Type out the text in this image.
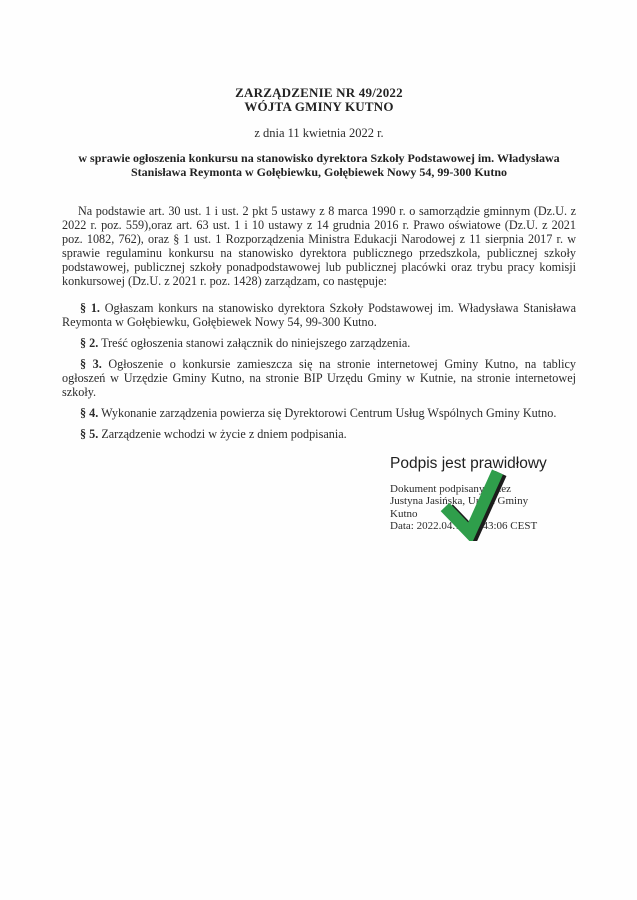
ZARZĄDZENIE NR 49/2022
WÓJTA GMINY KUTNO
z dnia 11 kwietnia 2022 r.
w sprawie ogłoszenia konkursu na stanowisko dyrektora Szkoły Podstawowej im. Władysława Stanisława Reymonta w Gołębiewku, Gołębiewek Nowy 54, 99-300 Kutno

Na podstawie art. 30 ust. 1 i ust. 2 pkt 5 ustawy z 8 marca 1990 r. o samorządzie gminnym (Dz.U. z 2022 r. poz. 559),oraz art. 63 ust. 1 i 10 ustawy z 14 grudnia 2016 r. Prawo oświatowe (Dz.U. z 2021 poz. 1082, 762), oraz § 1 ust. 1 Rozporządzenia Ministra Edukacji Narodowej z 11 sierpnia 2017 r. w sprawie regulaminu konkursu na stanowisko dyrektora publicznego przedszkola, publicznej szkoły podstawowej, publicznej szkoły ponadpodstawowej lub publicznej placówki oraz trybu pracy komisji konkursowej (Dz.U. z 2021 r. poz. 1428) zarządzam, co następuje:

§ 1. Ogłaszam konkurs na stanowisko dyrektora Szkoły Podstawowej im. Władysława Stanisława Reymonta w Gołębiewku, Gołębiewek Nowy 54, 99-300 Kutno.

§ 2. Treść ogłoszenia stanowi załącznik do niniejszego zarządzenia.

§ 3. Ogłoszenie o konkursie zamieszcza się na stronie internetowej Gminy Kutno, na tablicy ogłoszeń w Urzędzie Gminy Kutno, na stronie BIP Urzędu Gminy w Kutnie, na stronie internetowej szkoły.

§ 4. Wykonanie zarządzenia powierza się Dyrektorowi Centrum Usług Wspólnych Gminy Kutno.

§ 5. Zarządzenie wchodzi w życie z dniem podpisania.

Podpis jest prawidłowy
Dokument podpisany przez
Justyna Jasińska, Urząd Gminy
Kutno
Data: 2022.04.11 13:43:06 CEST
